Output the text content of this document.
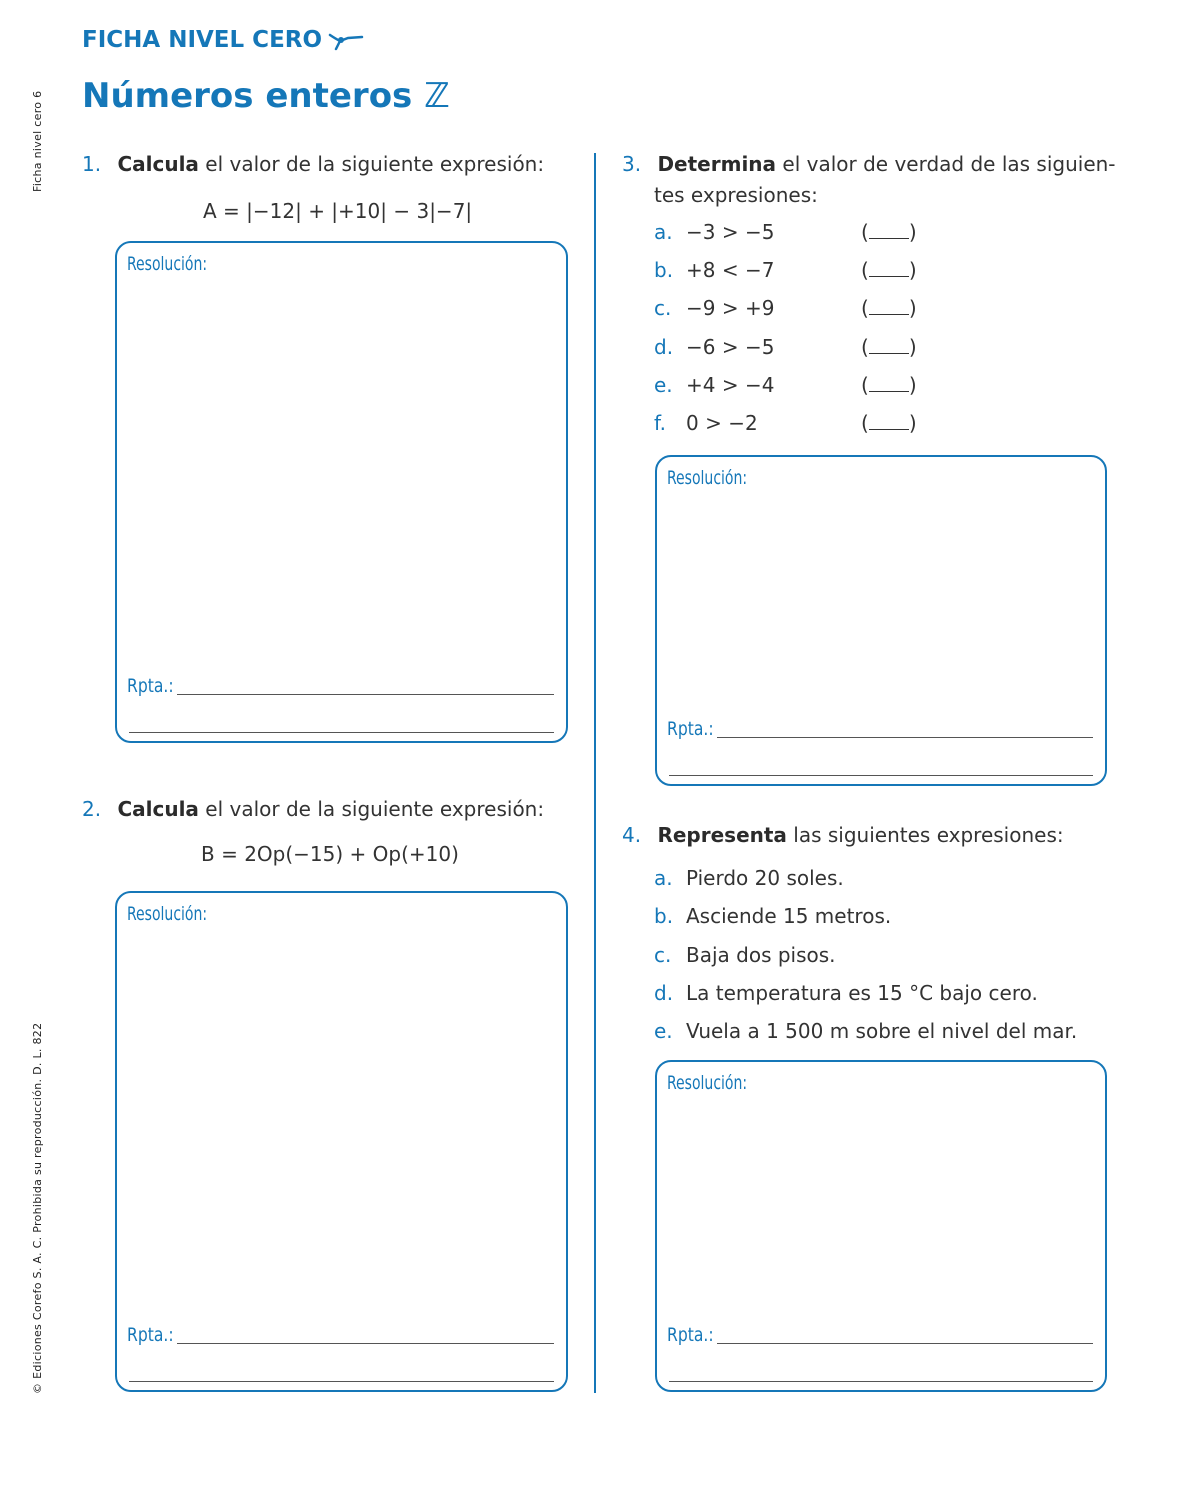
Ficha nivel cero 6
© Ediciones Corefo S. A. C. Prohibida su reproducción. D. L. 822
FICHA NIVEL CERO
Números enteros ℤ
1. Calcula el valor de la siguiente expresión:
A = |−12| + |+10| − 3|−7|
Resolución:
Rpta.:
2. Calcula el valor de la siguiente expresión:
B = 2Op(−15) + Op(+10)
Resolución:
Rpta.:
3. Determina el valor de verdad de las siguien-
tes expresiones:
a. −3 > −5	( )
b. +8 < −7	( )
c. −9 > +9	( )
d. −6 > −5	( )
e. +4 > −4	( )
f. 0 > −2	( )
Resolución:
Rpta.:
4. Representa las siguientes expresiones:
a. Pierdo 20 soles.
b. Asciende 15 metros.
c. Baja dos pisos.
d. La temperatura es 15 °C bajo cero.
e. Vuela a 1 500 m sobre el nivel del mar.
Resolución:
Rpta.:
